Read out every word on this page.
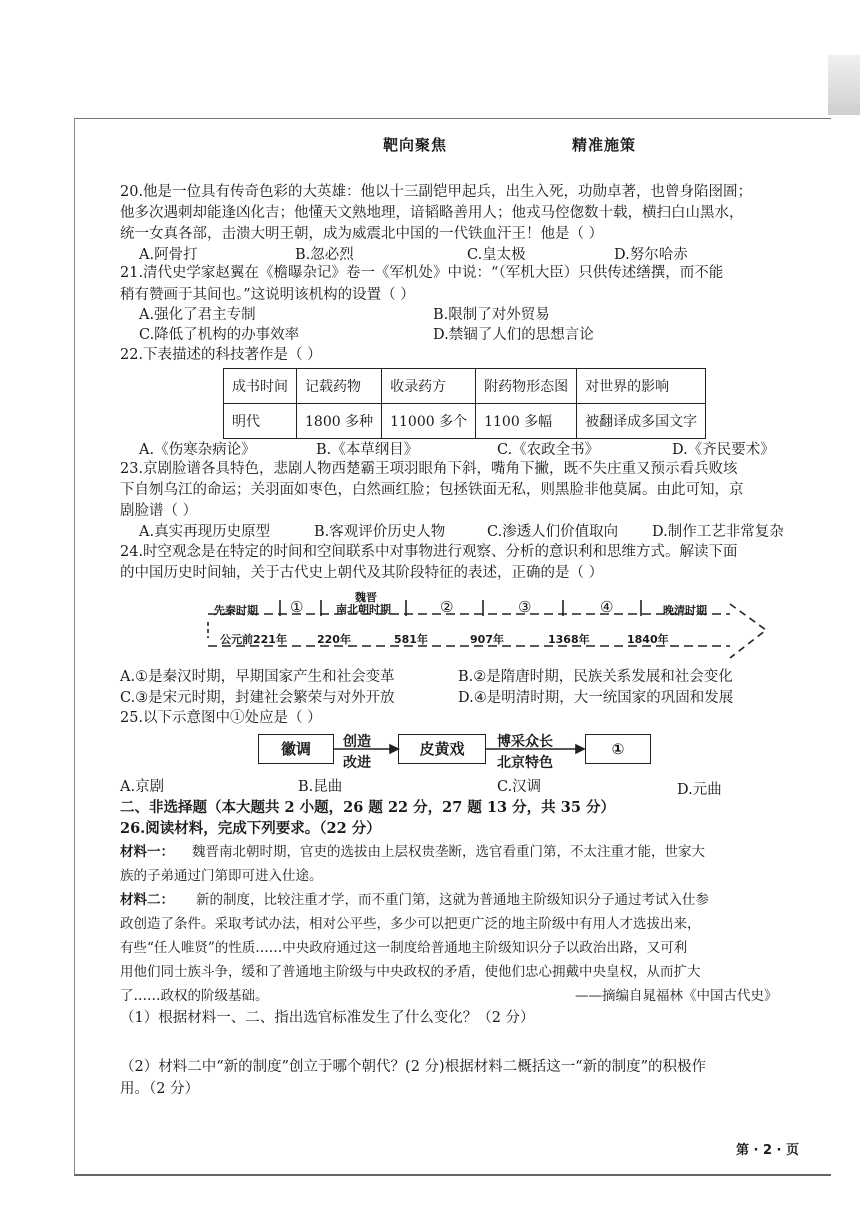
靶向聚焦	精准施策
20.他是一位具有传奇色彩的大英雄：他以十三副铠甲起兵，出生入死，功勋卓著，也曾身陷囹圄；
他多次遇刺却能逢凶化吉；他懂天文熟地理，谙韬略善用人；他戎马倥偬数十载，横扫白山黑水，
统一女真各部，击溃大明王朝，成为威震北中国的一代铁血汗王！他是（ ）
A.阿骨打	B.忽必烈	C.皇太极	D.努尔哈赤
21.清代史学家赵翼在《檐曝杂记》卷一《军机处》中说：“（军机大臣）只供传述缮撰，而不能
稍有赞画于其间也。”这说明该机构的设置（ ）
A.强化了君主专制	B.限制了对外贸易
C.降低了机构的办事效率	D.禁锢了人们的思想言论
22.下表描述的科技著作是（ ）
成书时间	记载药物	收录药方	附药物形态图	对世界的影响
明代	1800 多种	11000 多个	1100 多幅	被翻译成多国文字
A.《伤寒杂病论》	B.《本草纲目》	C.《农政全书》	D.《齐民要术》
23.京剧脸谱各具特色，悲剧人物西楚霸王项羽眼角下斜，嘴角下撇，既不失庄重又预示看兵败垓
下自刎乌江的命运；关羽面如枣色，白然画红脸；包拯铁面无私，则黑脸非他莫属。由此可知，京
剧脸谱（ ）
A.真实再现历史原型	B.客观评价历史人物	C.渗透人们价值取向 D.制作工艺非常复杂
24.时空观念是在特定的时间和空间联系中对事物进行观察、分析的意识利和思维方式。解读下面
的中国历史时间轴，关于古代史上朝代及其阶段特征的表述，正确的是（ ）
先秦时期 ①
魏晋
南北朝时期	②	③	④	晚清时期
公元前221年	220年	581年	907年	1368年	1840年
A.①是秦汉时期，早期国家产生和社会变革	B.②是隋唐时期，民族关系发展和社会变化
C.③是宋元时期，封建社会繁荣与对外开放	D.④是明清时期，大一统国家的巩固和发展
25.以下示意图中①处应是（ ）
徽调	皮黄戏	①
创造
改进
博采众长
北京特色
A.京剧	B.昆曲	C.汉调	D.元曲
二、非选择题（本大题共 2 小题，26 题 22 分，27 题 13 分，共 35 分）
26.阅读材料，完成下列要求。（22 分）
材料一： 魏晋南北朝时期，官吏的选拔由上层权贵垄断，选官看重门第，不太注重才能，世家大
族的子弟通过门第即可进入仕途。
材料二： 新的制度，比较注重才学，而不重门第，这就为普通地主阶级知识分子通过考试入仕参
政创造了条件。采取考试办法，相对公平些，多少可以把更广泛的地主阶级中有用人才选拔出来，
有些“任人唯贤”的性质……中央政府通过这一制度给普通地主阶级知识分子以政治出路，又可利
用他们同士族斗争，缓和了普通地主阶级与中央政权的矛盾，使他们忠心拥戴中央皇权，从而扩大
了……政权的阶级基础。	——摘编自晁福林《中国古代史》
（1）根据材料一、二、指出选官标准发生了什么变化？（2 分）
（2）材料二中“新的制度”创立于哪个朝代？(2 分)根据材料二概括这一“新的制度”的积极作
用。（2 分）
第 · 2 · 页
